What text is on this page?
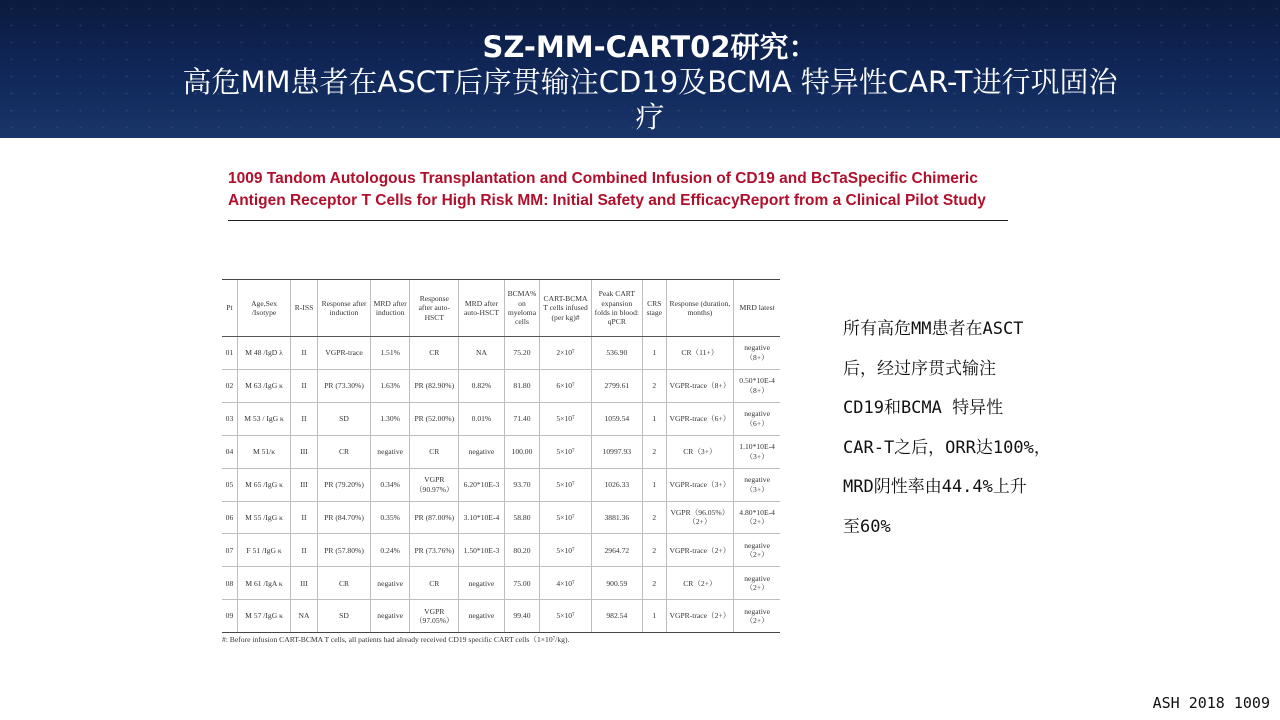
SZ-MM-CART02研究：
高危MM患者在ASCT后序贯输注CD19及BCMA 特异性CAR-T进行巩固治
疗
1009 Tandom Autologous Transplantation and Combined Infusion of CD19 and BcTaSpecific Chimeric
Antigen Receptor T Cells for High Risk MM: Initial Safety and EfficacyReport from a Clinical Pilot Study
Pt	Age,Sex /Isotype	R-ISS	Response after induction	MRD after induction	Response after auto-HSCT	MRD after auto-HSCT	BCMA% on myeloma cells	CART-BCMA T cells infused (per kg)#	Peak CART expansion folds in blood: qPCR	CRS stage	Response (duration, months)	MRD latest
01	M 48 /IgD λ	II	VGPR-trace	1.51%	CR	NA	75.20	2×10⁷	536.90	1	CR（11+）	negative （8+）
02	M 63 /IgG κ	II	PR (73.30%)	1.63%	PR (82.90%)	0.82%	81.80	6×10⁷	2799.61	2	VGPR-trace（8+）	0.50*10E-4 （8+）
03	M 53 / IgG κ	II	SD	1.30%	PR (52.00%)	0.01%	71.40	5×10⁷	1059.54	1	VGPR-trace（6+）	negative （6+）
04	M 51/κ	III	CR	negative	CR	negative	100.00	5×10⁷	10997.93	2	CR（3+）	1.10*10E-4 （3+）
05	M 65 /IgG κ	III	PR (79.20%)	0.34%	VGPR （90.97%）	6.20*10E-3	93.70	5×10⁷	1026.33	1	VGPR-trace（3+）	negative （3+）
06	M 55 /IgG κ	II	PR (84.70%)	0.35%	PR (87.00%)	3.10*10E-4	58.80	5×10⁷	3881.36	2	VGPR（96.05%）（2+）	4.80*10E-4 （2+）
07	F 51 /IgG κ	II	PR (57.80%)	0.24%	PR (73.76%)	1.50*10E-3	80.20	5×10⁷	2964.72	2	VGPR-trace（2+）	negative （2+）
08	M 61 /IgA κ	III	CR	negative	CR	negative	75.00	4×10⁷	900.59	2	CR（2+）	negative （2+）
09	M 57 /IgG κ	NA	SD	negative	VGPR （97.05%）	negative	99.40	5×10⁷	982.54	1	VGPR-trace（2+）	negative （2+）
#: Before infusion CART-BCMA T cells, all patients had already received CD19 specific CART cells（1×10⁷/kg).
所有高危MM患者在ASCT
后，经过序贯式输注
CD19和BCMA 特异性
CAR-T之后，ORR达100%，
MRD阴性率由44.4%上升
至60%
ASH 2018 1009
